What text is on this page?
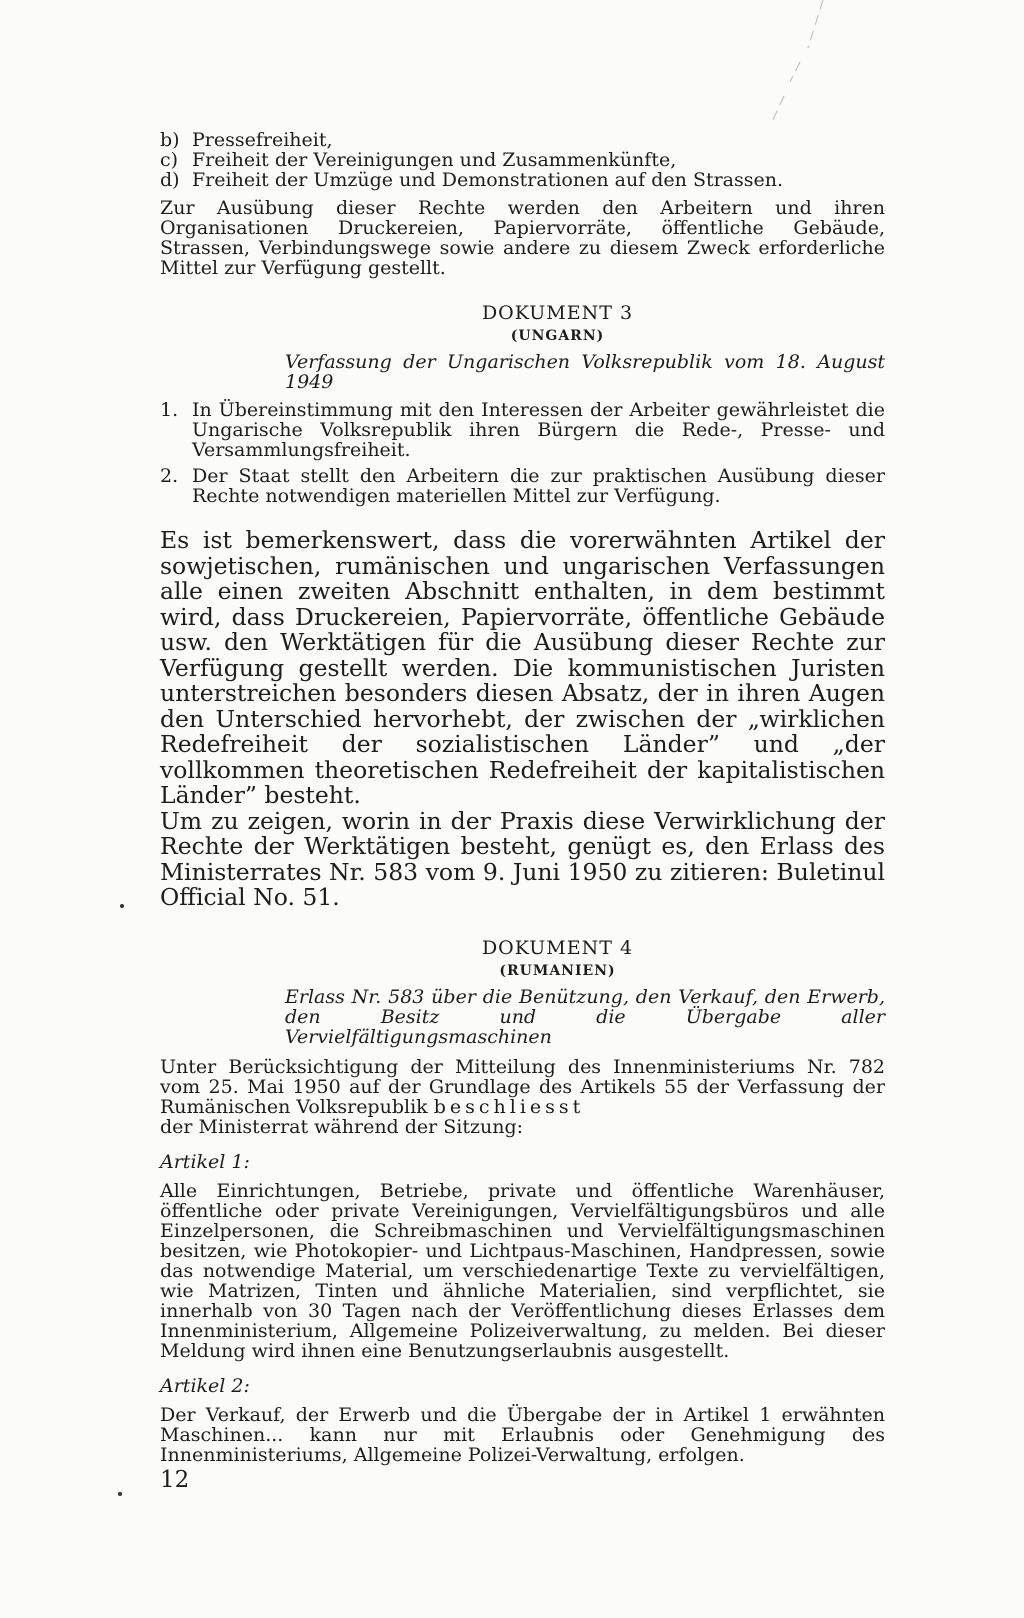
b) Pressefreiheit,
c) Freiheit der Vereinigungen und Zusammenkünfte,
d) Freiheit der Umzüge und Demonstrationen auf den Strassen.

Zur Ausübung dieser Rechte werden den Arbeitern und ihren Organisationen Druckereien, Papiervorräte, öffentliche Gebäude, Strassen, Verbindungswege sowie andere zu diesem Zweck erforderliche Mittel zur Verfügung gestellt.

DOKUMENT 3
(UNGARN)
Verfassung der Ungarischen Volksrepublik vom 18. August 1949
1. In Übereinstimmung mit den Interessen der Arbeiter gewährleistet die Ungarische Volksrepublik ihren Bürgern die Rede-, Presse- und Versammlungsfreiheit.
2. Der Staat stellt den Arbeitern die zur praktischen Ausübung dieser Rechte notwendigen materiellen Mittel zur Verfügung.

Es ist bemerkenswert, dass die vorerwähnten Artikel der sowjetischen, rumänischen und ungarischen Verfassungen alle einen zweiten Abschnitt enthalten, in dem bestimmt wird, dass Druckereien, Papiervorräte, öffentliche Gebäude usw. den Werktätigen für die Ausübung dieser Rechte zur Verfügung gestellt werden. Die kommunistischen Juristen unterstreichen besonders diesen Absatz, der in ihren Augen den Unterschied hervorhebt, der zwischen der „wirklichen Redefreiheit der sozialistischen Länder” und „der vollkommen theoretischen Redefreiheit der kapitalistischen Länder” besteht.

Um zu zeigen, worin in der Praxis diese Verwirklichung der Rechte der Werktätigen besteht, genügt es, den Erlass des Ministerrates Nr. 583 vom 9. Juni 1950 zu zitieren: Buletinul Official No. 51.

DOKUMENT 4
(RUMANIEN)
Erlass Nr. 583 über die Benützung, den Verkauf, den Erwerb, den Besitz und die Übergabe aller Vervielfältigungsmaschinen

Unter Berücksichtigung der Mitteilung des Innenministeriums Nr. 782 vom 25. Mai 1950 auf der Grundlage des Artikels 55 der Verfassung der Rumänischen Volksrepublik beschliesst
der Ministerrat während der Sitzung:

Artikel 1:

Alle Einrichtungen, Betriebe, private und öffentliche Warenhäuser, öffentliche oder private Vereinigungen, Vervielfältigungsbüros und alle Einzelpersonen, die Schreibmaschinen und Vervielfältigungsmaschinen besitzen, wie Photokopier- und Lichtpaus-Maschinen, Handpressen, sowie das notwendige Material, um verschiedenartige Texte zu vervielfältigen, wie Matrizen, Tinten und ähnliche Materialien, sind verpflichtet, sie innerhalb von 30 Tagen nach der Veröffentlichung dieses Erlasses dem Innenministerium, Allgemeine Polizeiverwaltung, zu melden. Bei dieser Meldung wird ihnen eine Benutzungserlaubnis ausgestellt.

Artikel 2:

Der Verkauf, der Erwerb und die Übergabe der in Artikel 1 erwähnten Maschinen... kann nur mit Erlaubnis oder Genehmigung des Innenministeriums, Allgemeine Polizei-Verwaltung, erfolgen.

12
